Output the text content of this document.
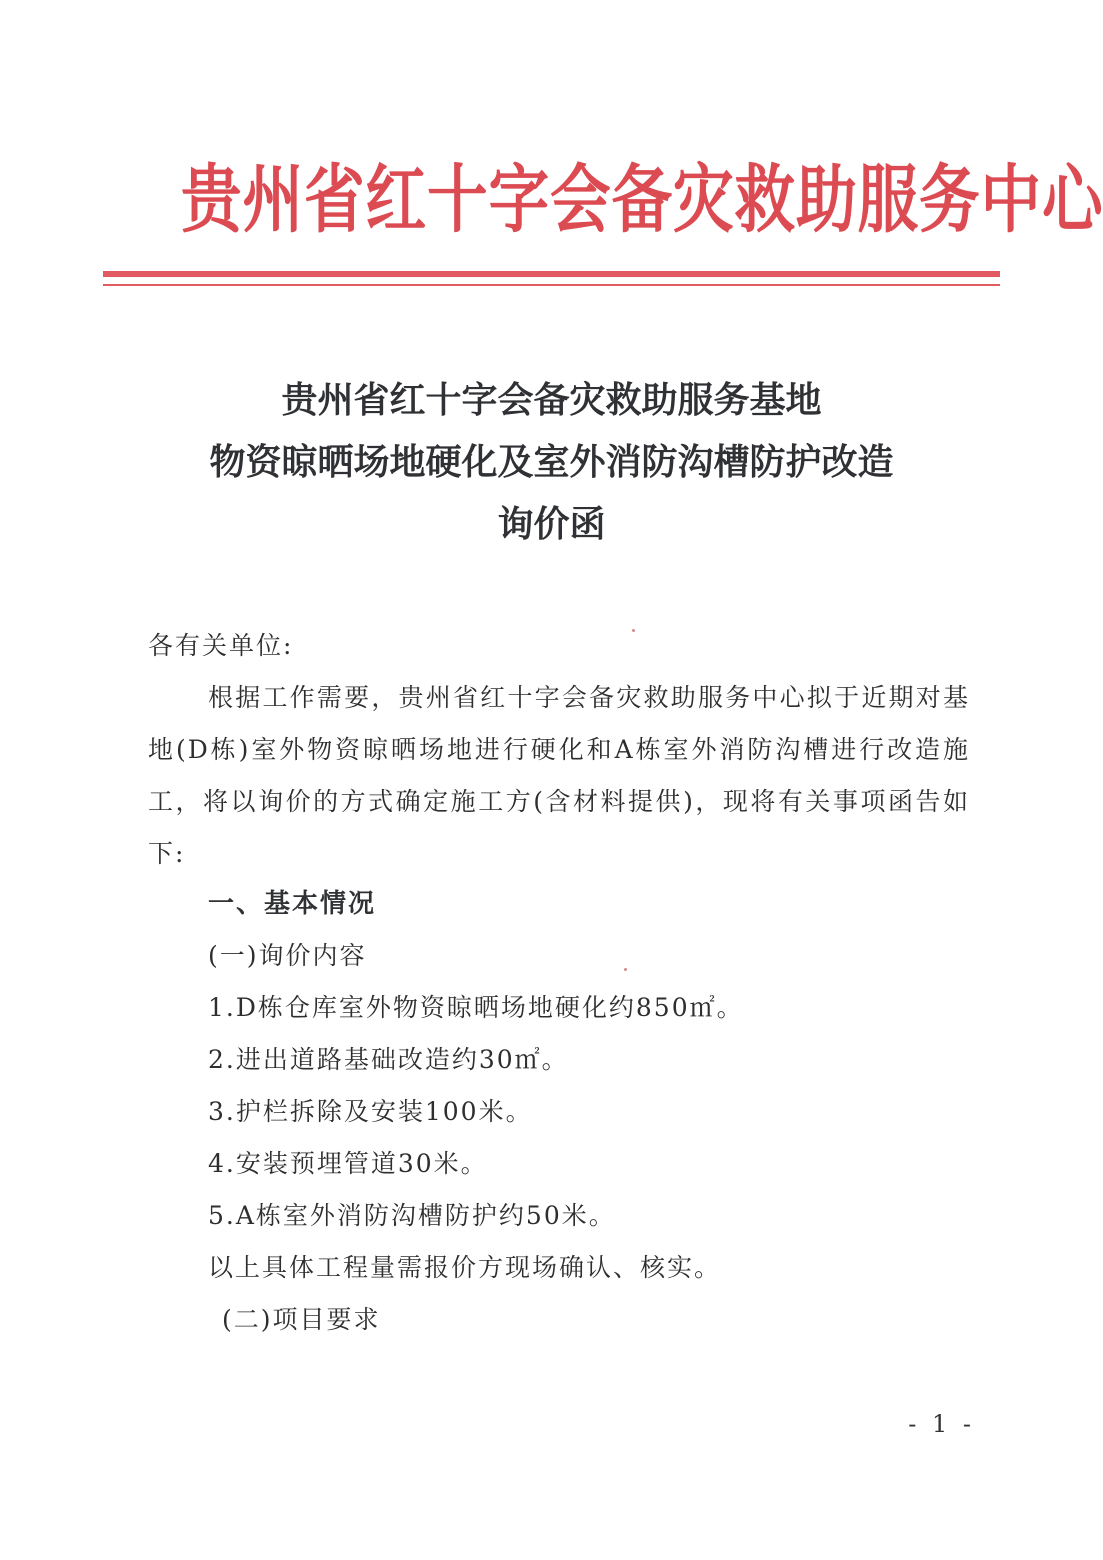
贵州省红十字会备灾救助服务中心
贵州省红十字会备灾救助服务基地
物资晾晒场地硬化及室外消防沟槽防护改造
询价函
各有关单位:
根据工作需要，贵州省红十字会备灾救助服务中心拟于近期对基地(D栋)室外物资晾晒场地进行硬化和A栋室外消防沟槽进行改造施工，将以询价的方式确定施工方(含材料提供)，现将有关事项函告如下:
一、基本情况
(一)询价内容
1.D栋仓库室外物资晾晒场地硬化约850㎡。
2.进出道路基础改造约30㎡。
3.护栏拆除及安装100米。
4.安装预埋管道30米。
5.A栋室外消防沟槽防护约50米。
以上具体工程量需报价方现场确认、核实。
(二)项目要求
- 1 -
